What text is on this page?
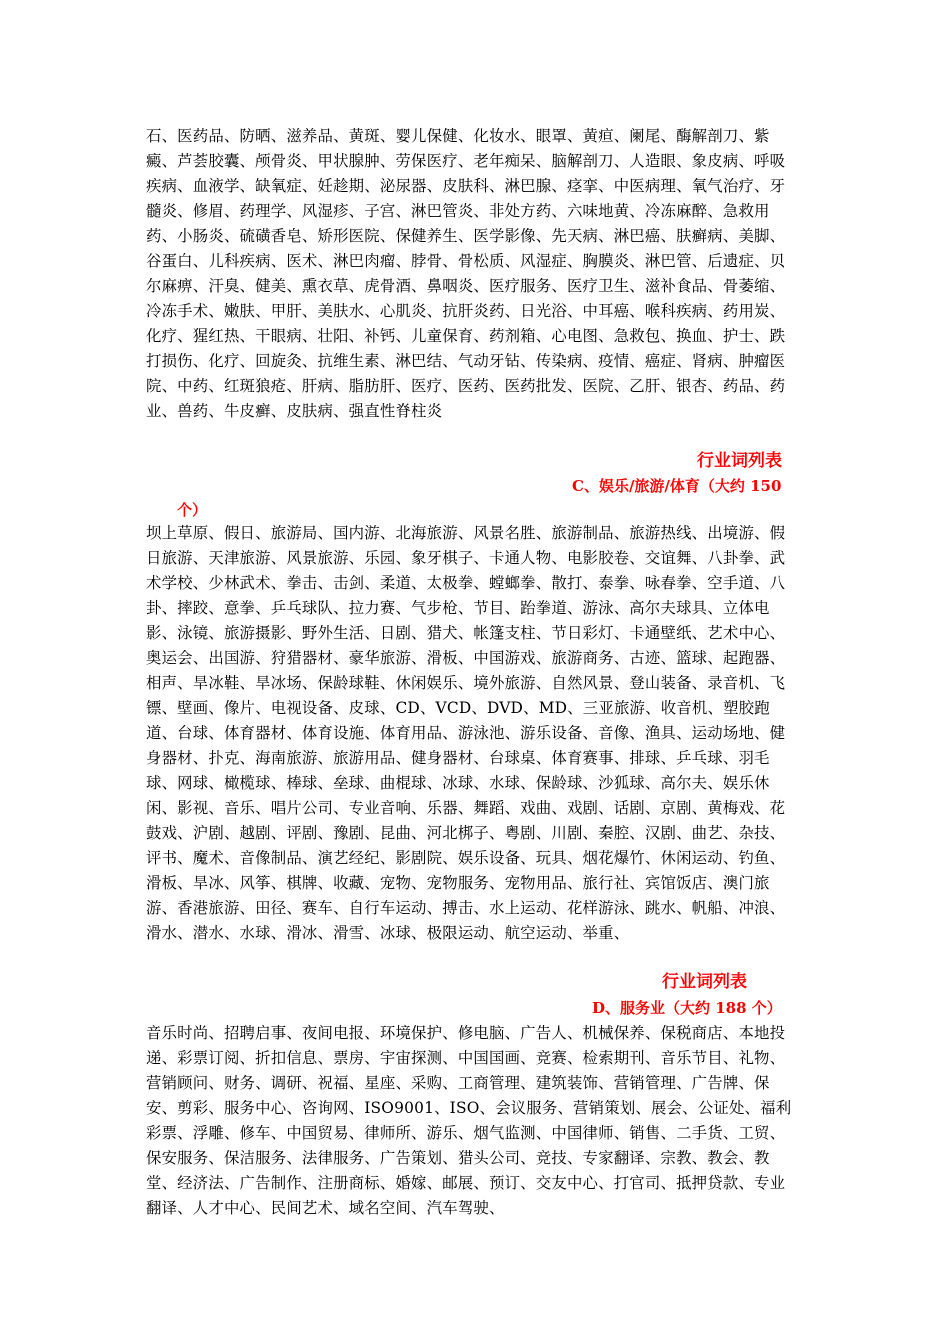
石、医药品、防晒、滋养品、黄斑、婴儿保健、化妆水、眼罩、黄疸、阑尾、酶解剖刀、紫癜、芦荟胶囊、颅骨炎、甲状腺肿、劳保医疗、老年痴呆、脑解剖刀、人造眼、象皮病、呼吸疾病、血液学、缺氧症、妊趁期、泌尿器、皮肤科、淋巴腺、痉挛、中医病理、氧气治疗、牙髓炎、修眉、药理学、风湿疹、子宫、淋巴管炎、非处方药、六味地黄、冷冻麻醉、急救用药、小肠炎、硫磺香皂、矫形医院、保健养生、医学影像、先天病、淋巴癌、肤癣病、美脚、谷蛋白、儿科疾病、医术、淋巴肉瘤、脖骨、骨松质、风湿症、胸膜炎、淋巴管、后遗症、贝尔麻痹、汗臭、健美、熏衣草、虎骨酒、鼻咽炎、医疗服务、医疗卫生、滋补食品、骨萎缩、冷冻手术、嫩肤、甲肝、美肤水、心肌炎、抗肝炎药、日光浴、中耳癌、喉科疾病、药用炭、化疗、猩红热、干眼病、壮阳、补钙、儿童保育、药剂箱、心电图、急救包、换血、护士、跌打损伤、化疗、回旋灸、抗维生素、淋巴结、气动牙钻、传染病、疫情、癌症、肾病、肿瘤医院、中药、红斑狼疮、肝病、脂肪肝、医疗、医药、医药批发、医院、乙肝、银杏、药品、药业、兽药、牛皮癣、皮肤病、强直性脊柱炎

行业词列表
C、娱乐/旅游/体育（大约 150
个）

坝上草原、假日、旅游局、国内游、北海旅游、风景名胜、旅游制品、旅游热线、出境游、假日旅游、天津旅游、风景旅游、乐园、象牙棋子、卡通人物、电影胶卷、交谊舞、八卦拳、武术学校、少林武术、拳击、击剑、柔道、太极拳、螳螂拳、散打、泰拳、咏春拳、空手道、八卦、摔跤、意拳、乒乓球队、拉力赛、气步枪、节目、跆拳道、游泳、高尔夫球具、立体电影、泳镜、旅游摄影、野外生活、日剧、猎犬、帐篷支柱、节日彩灯、卡通壁纸、艺术中心、奥运会、出国游、狩猎器材、豪华旅游、滑板、中国游戏、旅游商务、古迹、篮球、起跑器、相声、旱冰鞋、旱冰场、保龄球鞋、休闲娱乐、境外旅游、自然风景、登山装备、录音机、飞镖、壁画、像片、电视设备、皮球、CD、VCD、DVD、MD、三亚旅游、收音机、塑胶跑道、台球、体育器材、体育设施、体育用品、游泳池、游乐设备、音像、渔具、运动场地、健身器材、扑克、海南旅游、旅游用品、健身器材、台球桌、体育赛事、排球、乒乓球、羽毛球、网球、橄榄球、棒球、垒球、曲棍球、冰球、水球、保龄球、沙狐球、高尔夫、娱乐休闲、影视、音乐、唱片公司、专业音响、乐器、舞蹈、戏曲、戏剧、话剧、京剧、黄梅戏、花鼓戏、沪剧、越剧、评剧、豫剧、昆曲、河北梆子、粤剧、川剧、秦腔、汉剧、曲艺、杂技、评书、魔术、音像制品、演艺经纪、影剧院、娱乐设备、玩具、烟花爆竹、休闲运动、钓鱼、滑板、旱冰、风筝、棋牌、收藏、宠物、宠物服务、宠物用品、旅行社、宾馆饭店、澳门旅游、香港旅游、田径、赛车、自行车运动、搏击、水上运动、花样游泳、跳水、帆船、冲浪、滑水、潜水、水球、滑冰、滑雪、冰球、极限运动、航空运动、举重、

行业词列表
D、服务业（大约 188 个）

音乐时尚、招聘启事、夜间电报、环境保护、修电脑、广告人、机械保养、保税商店、本地投递、彩票订阅、折扣信息、票房、宇宙探测、中国国画、竞赛、检索期刊、音乐节目、礼物、营销顾问、财务、调研、祝福、星座、采购、工商管理、建筑装饰、营销管理、广告牌、保安、剪彩、服务中心、咨询网、ISO9001、ISO、会议服务、营销策划、展会、公证处、福利彩票、浮雕、修车、中国贸易、律师所、游乐、烟气监测、中国律师、销售、二手货、工贸、保安服务、保洁服务、法律服务、广告策划、猎头公司、竞技、专家翻译、宗教、教会、教堂、经济法、广告制作、注册商标、婚嫁、邮展、预订、交友中心、打官司、抵押贷款、专业翻译、人才中心、民间艺术、域名空间、汽车驾驶、
